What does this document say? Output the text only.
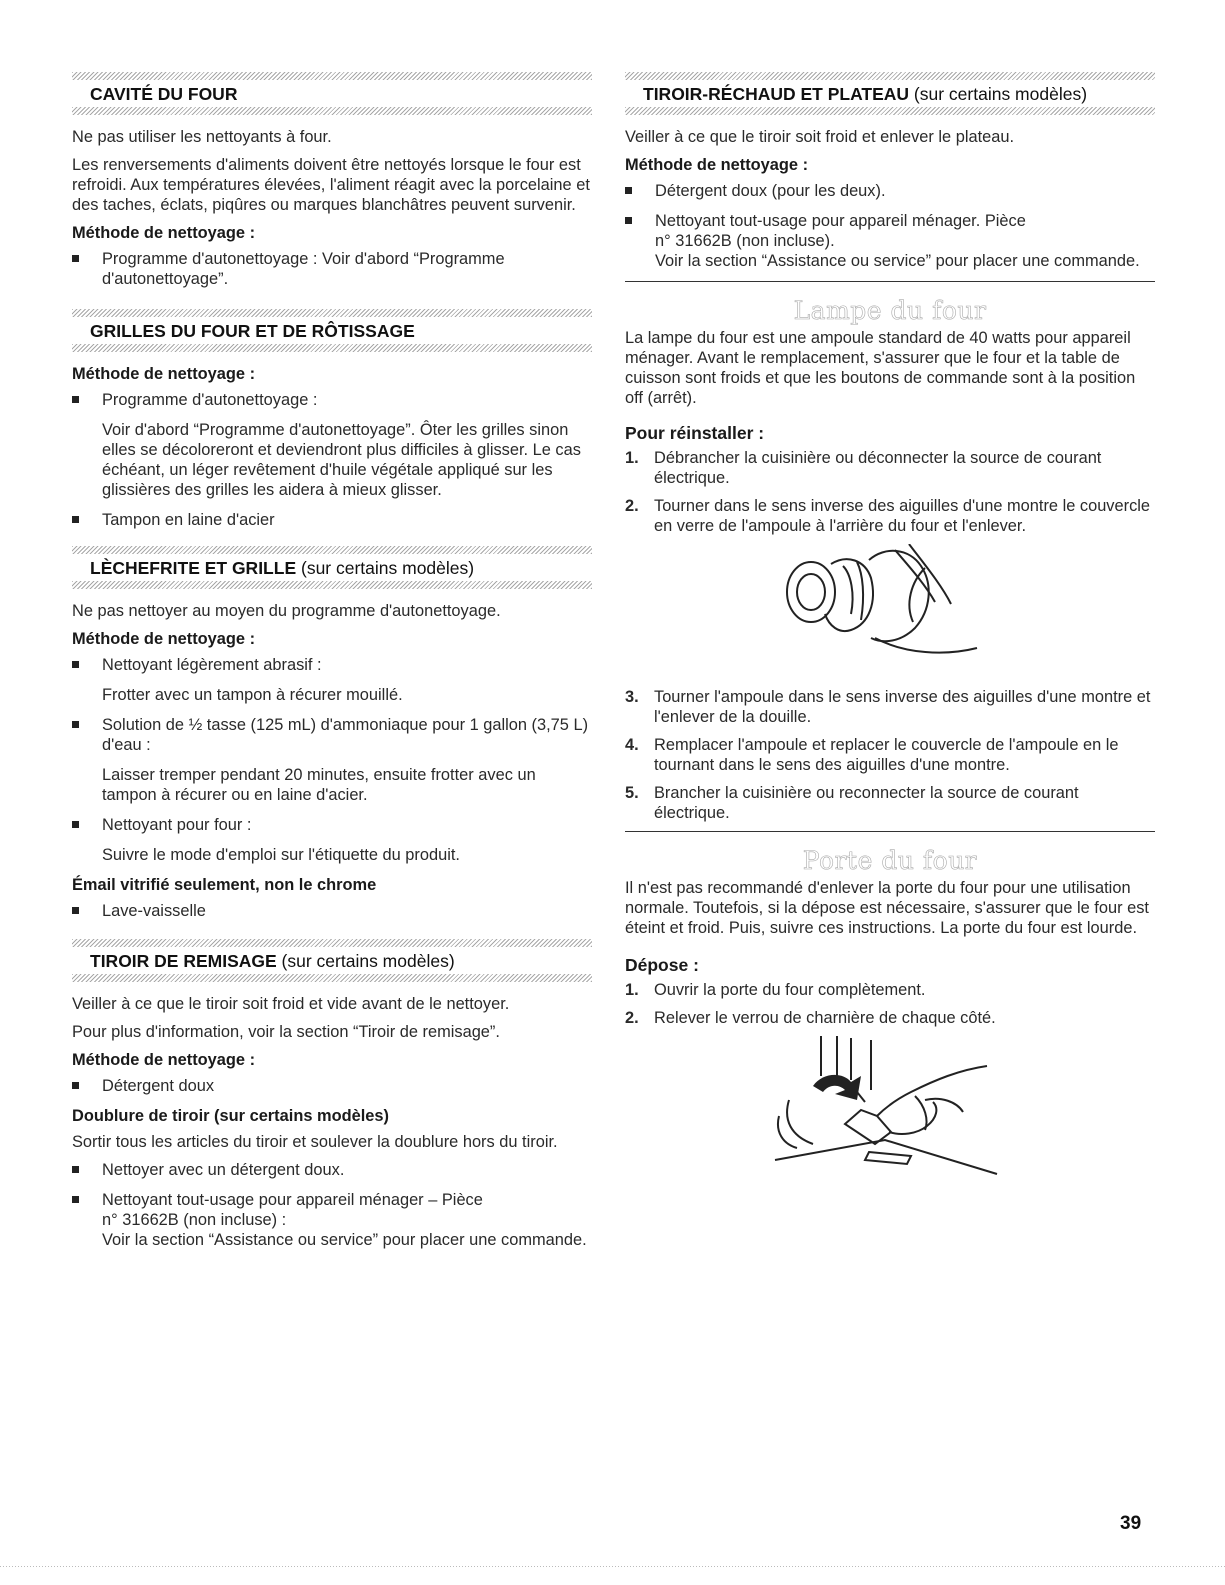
CAVITÉ DU FOUR

Ne pas utiliser les nettoyants à four.

Les renversements d'aliments doivent être nettoyés lorsque le four est refroidi. Aux températures élevées, l'aliment réagit avec la porcelaine et des taches, éclats, piqûres ou marques blanchâtres peuvent survenir.

Méthode de nettoyage :
Programme d'autonettoyage : Voir d'abord “Programme d'autonettoyage”.
GRILLES DU FOUR ET DE RÔTISSAGE
Méthode de nettoyage :
Programme d'autonettoyage :
Voir d'abord “Programme d'autonettoyage”. Ôter les grilles sinon elles se décoloreront et deviendront plus difficiles à glisser. Le cas échéant, un léger revêtement d'huile végétale appliqué sur les glissières des grilles les aidera à mieux glisser.
Tampon en laine d'acier
LÈCHEFRITE ET GRILLE (sur certains modèles)

Ne pas nettoyer au moyen du programme d'autonettoyage.

Méthode de nettoyage :
Nettoyant légèrement abrasif :
Frotter avec un tampon à récurer mouillé.
Solution de ½ tasse (125 mL) d'ammoniaque pour 1 gallon (3,75 L) d'eau :
Laisser tremper pendant 20 minutes, ensuite frotter avec un tampon à récurer ou en laine d'acier.
Nettoyant pour four :
Suivre le mode d'emploi sur l'étiquette du produit.
Émail vitrifié seulement, non le chrome
Lave-vaisselle
TIROIR DE REMISAGE (sur certains modèles)

Veiller à ce que le tiroir soit froid et vide avant de le nettoyer.

Pour plus d'information, voir la section “Tiroir de remisage”.

Méthode de nettoyage :
Détergent doux
Doublure de tiroir (sur certains modèles)

Sortir tous les articles du tiroir et soulever la doublure hors du tiroir.

Nettoyer avec un détergent doux.
Nettoyant tout-usage pour appareil ménager – Pièce
n° 31662B (non incluse) :
Voir la section “Assistance ou service” pour placer une commande.
TIROIR-RÉCHAUD ET PLATEAU (sur certains modèles)

Veiller à ce que le tiroir soit froid et enlever le plateau.

Méthode de nettoyage :
Détergent doux (pour les deux).
Nettoyant tout-usage pour appareil ménager. Pièce
n° 31662B (non incluse).
Voir la section “Assistance ou service” pour placer une commande.
Lampe du four

La lampe du four est une ampoule standard de 40 watts pour appareil ménager. Avant le remplacement, s'assurer que le four et la table de cuisson sont froids et que les boutons de commande sont à la position off (arrêt).

Pour réinstaller :
1. Débrancher la cuisinière ou déconnecter la source de courant électrique.
2. Tourner dans le sens inverse des aiguilles d'une montre le couvercle en verre de l'ampoule à l'arrière du four et l'enlever.
3. Tourner l'ampoule dans le sens inverse des aiguilles d'une montre et l'enlever de la douille.
4. Remplacer l'ampoule et replacer le couvercle de l'ampoule en le tournant dans le sens des aiguilles d'une montre.
5. Brancher la cuisinière ou reconnecter la source de courant électrique.
Porte du four

Il n'est pas recommandé d'enlever la porte du four pour une utilisation normale. Toutefois, si la dépose est nécessaire, s'assurer que le four est éteint et froid. Puis, suivre ces instructions. La porte du four est lourde.

Dépose :
1. Ouvrir la porte du four complètement.
2. Relever le verrou de charnière de chaque côté.
39
